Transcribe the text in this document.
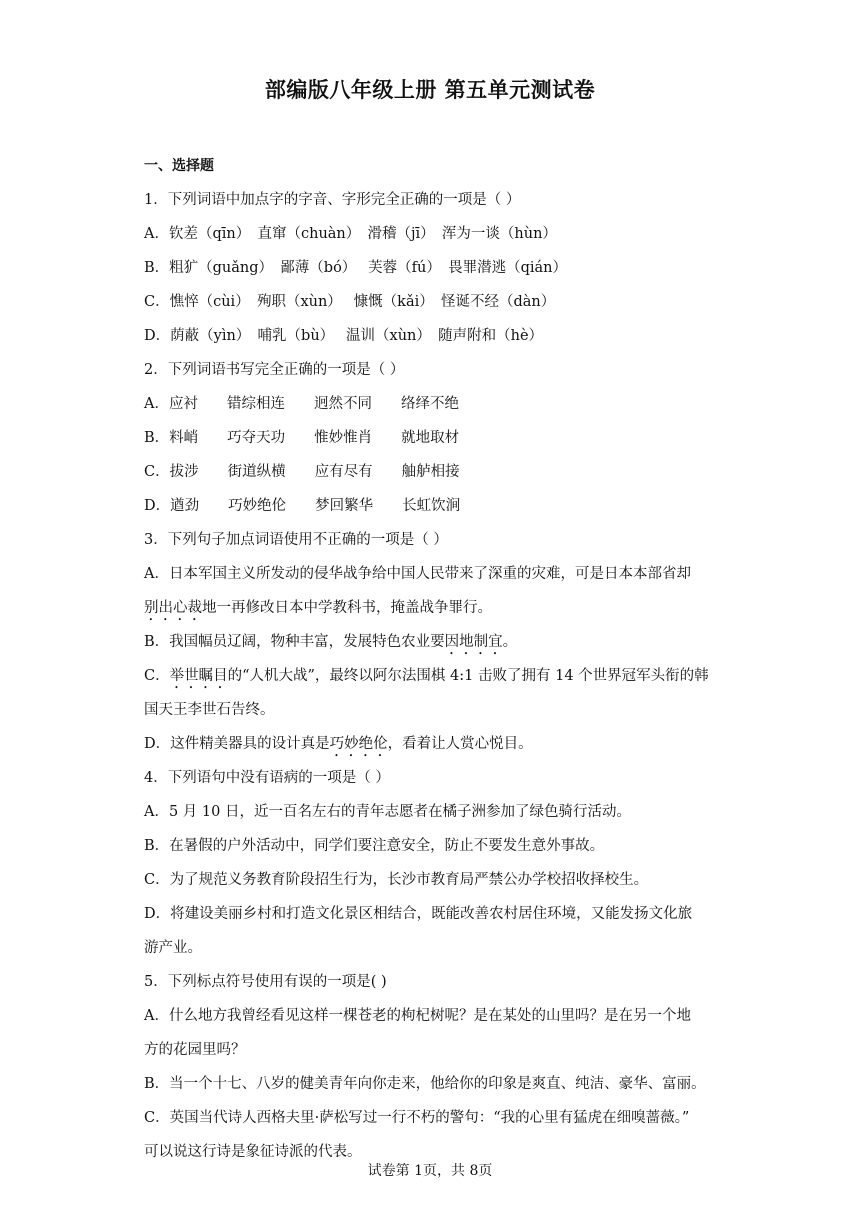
部编版八年级上册 第五单元测试卷
一、选择题
1．下列词语中加点字的字音、字形完全正确的一项是（ ）
A．钦差（qīn）　直窜（chuàn）　滑稽（jī）　浑为一谈（hùn）
B．粗犷（guǎng）　鄙薄（bó）　 芙蓉（fú）　畏罪潜逃（qián）
C．憔悴（cùi）　殉职（xùn）　 慷慨（kǎi）　怪诞不经（dàn）
D．荫蔽（yìn）　哺乳（bù）　 温训（xùn）　随声附和（hè）
2．下列词语书写完全正确的一项是（ ）
A．应衬　　错综相连　　迥然不同　　络绎不绝
B．料峭　　巧夺天功　　惟妙惟肖　　就地取材
C．拔涉　　街道纵横　　应有尽有　　舳舻相接
D．遒劲　　巧妙绝伦　　梦回繁华　　长虹饮涧
3．下列句子加点词语使用不正确的一项是（ ）
A．日本军国主义所发动的侵华战争给中国人民带来了深重的灾难，可是日本本部省却
别出心裁地一再修改日本中学教科书，掩盖战争罪行。
B．我国幅员辽阔，物种丰富，发展特色农业要因地制宜。
C．举世瞩目的“人机大战”，最终以阿尔法围棋 4:1 击败了拥有 14 个世界冠军头衔的韩
国天王李世石告终。
D．这件精美器具的设计真是巧妙绝伦，看着让人赏心悦目。
4．下列语句中没有语病的一项是（ ）
A．5 月 10 日，近一百名左右的青年志愿者在橘子洲参加了绿色骑行活动。
B．在暑假的户外活动中，同学们要注意安全，防止不要发生意外事故。
C．为了规范义务教育阶段招生行为，长沙市教育局严禁公办学校招收择校生。
D．将建设美丽乡村和打造文化景区相结合，既能改善农村居住环境，又能发扬文化旅
游产业。
5．下列标点符号使用有误的一项是( )
A．什么地方我曾经看见这样一棵苍老的枸杞树呢？是在某处的山里吗？是在另一个地
方的花园里吗？
B．当一个十七、八岁的健美青年向你走来，他给你的印象是爽直、纯洁、豪华、富丽。
C．英国当代诗人西格夫里·萨松写过一行不朽的警句：“我的心里有猛虎在细嗅蔷薇。”
可以说这行诗是象征诗派的代表。
试卷第 1页，共 8页
